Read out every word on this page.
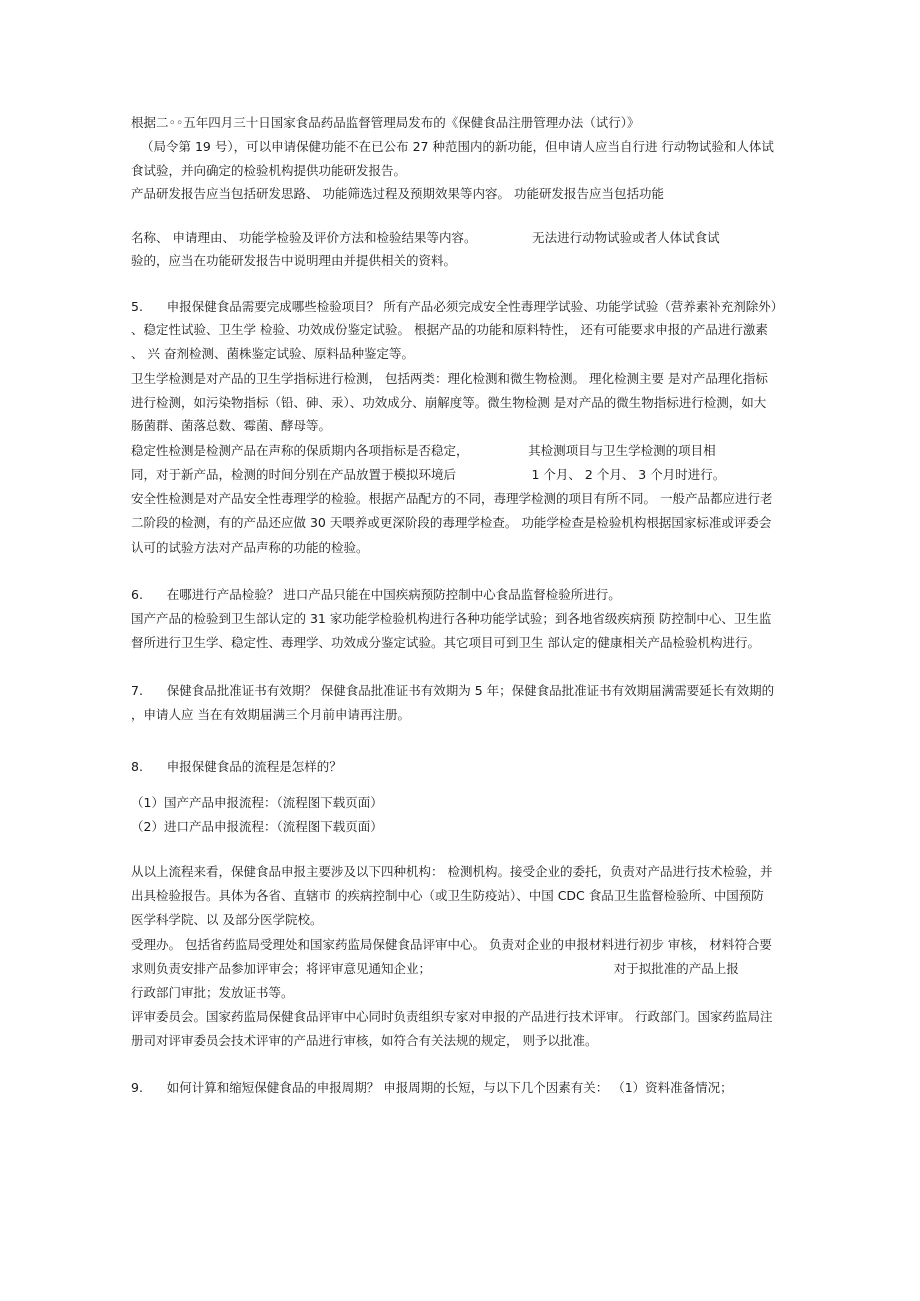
根据二◦◦五年四月三十日国家食品药品监督管理局发布的《保健食品注册管理办法（试行）》
（局令第 19 号），可以申请保健功能不在已公布 27 种范围内的新功能，但申请人应当自行进 行动物试验和人体试
食试验，并向确定的检验机构提供功能研发报告。
产品研发报告应当包括研发思路、 功能筛选过程及预期效果等内容。 功能研发报告应当包括功能
名称、 申请理由、 功能学检验及评价方法和检验结果等内容。              无法进行动物试验或者人体试食试
验的，应当在功能研发报告中说明理由并提供相关的资料。
5.      申报保健食品需要完成哪些检验项目？ 所有产品必须完成安全性毒理学试验、功能学试验（营养素补充剂除外）
、稳定性试验、卫生学 检验、功效成份鉴定试验。 根据产品的功能和原料特性， 还有可能要求申报的产品进行激素
、 兴 奋剂检测、菌株鉴定试验、原料品种鉴定等。
卫生学检测是对产品的卫生学指标进行检测， 包括两类：理化检测和微生物检测。 理化检测主要 是对产品理化指标
进行检测，如污染物指标（铅、砷、汞）、功效成分、崩解度等。微生物检测 是对产品的微生物指标进行检测，如大
肠菌群、菌落总数、霉菌、酵母等。
稳定性检测是检测产品在声称的保质期内各项指标是否稳定，               其检测项目与卫生学检测的项目相
同，对于新产品，检测的时间分别在产品放置于模拟环境后                   1 个月、 2 个月、 3 个月时进行。
安全性检测是对产品安全性毒理学的检验。根据产品配方的不同，毒理学检测的项目有所不同。 一般产品都应进行老
二阶段的检测，有的产品还应做 30 天喂养或更深阶段的毒理学检查。 功能学检查是检验机构根据国家标准或评委会
认可的试验方法对产品声称的功能的检验。
6.      在哪进行产品检验？ 进口产品只能在中国疾病预防控制中心食品监督检验所进行。
国产产品的检验到卫生部认定的 31 家功能学检验机构进行各种功能学试验；到各地省级疾病预 防控制中心、卫生监
督所进行卫生学、稳定性、毒理学、功效成分鉴定试验。其它项目可到卫生 部认定的健康相关产品检验机构进行。
7.      保健食品批准证书有效期？ 保健食品批准证书有效期为 5 年；保健食品批准证书有效期届满需要延长有效期的
，申请人应 当在有效期届满三个月前申请再注册。
8.      申报保健食品的流程是怎样的？
（1）国产产品申报流程：（流程图下载页面）
（2）进口产品申报流程：（流程图下载页面）
从以上流程来看，保健食品申报主要涉及以下四种机构： 检测机构。接受企业的委托，负责对产品进行技术检验，并
出具检验报告。具体为各省、直辖市 的疾病控制中心（或卫生防疫站）、中国 CDC 食品卫生监督检验所、中国预防
医学科学院、以 及部分医学院校。
受理办。 包括省药监局受理处和国家药监局保健食品评审中心。 负责对企业的申报材料进行初步 审核， 材料符合要
求则负责安排产品参加评审会；将评审意见通知企业；                                              对于拟批准的产品上报
行政部门审批；发放证书等。
评审委员会。国家药监局保健食品评审中心同时负责组织专家对申报的产品进行技术评审。 行政部门。国家药监局注
册司对评审委员会技术评审的产品进行审核，如符合有关法规的规定， 则予以批准。
9.      如何计算和缩短保健食品的申报周期？ 申报周期的长短，与以下几个因素有关： （1）资料准备情况；
